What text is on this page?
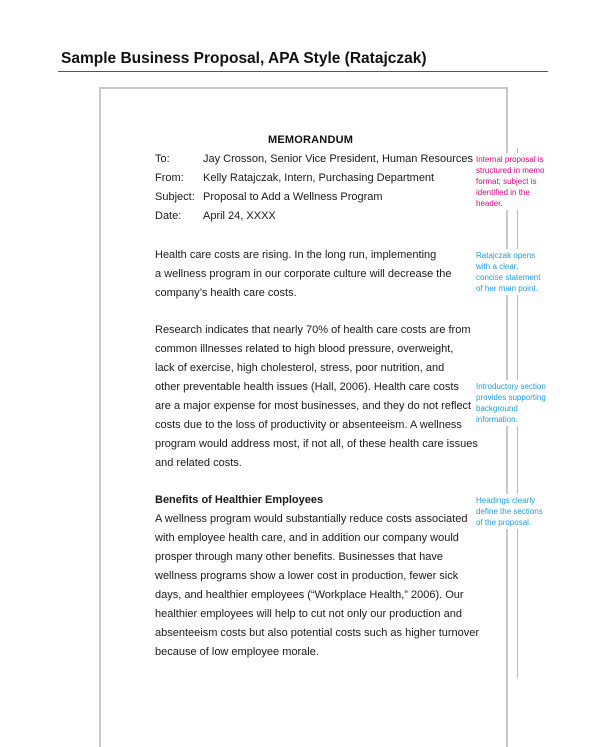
Sample Business Proposal, APA Style (Ratajczak)
MEMORANDUM
To:	Jay Crosson, Senior Vice President, Human Resources
From: Kelly Ratajczak, Intern, Purchasing Department
Subject: Proposal to Add a Wellness Program
Date: April 24, XXXX
Health care costs are rising. In the long run, implementing
a wellness program in our corporate culture will decrease the
company’s health care costs.
Research indicates that nearly 70% of health care costs are from
common illnesses related to high blood pressure, overweight,
lack of exercise, high cholesterol, stress, poor nutrition, and
other preventable health issues (Hall, 2006). Health care costs
are a major expense for most businesses, and they do not reflect
costs due to the loss of productivity or absenteeism. A wellness
program would address most, if not all, of these health care issues
and related costs.
Benefits of Healthier Employees
A wellness program would substantially reduce costs associated
with employee health care, and in addition our company would
prosper through many other benefits. Businesses that have
wellness programs show a lower cost in production, fewer sick
days, and healthier employees (“Workplace Health,” 2006). Our
healthier employees will help to cut not only our production and
absenteeism costs but also potential costs such as higher turnover
because of low employee morale.
Internal proposal is
structured in memo
format; subject is
identified in the
header.
Ratajczak opens
with a clear,
concise statement
of her main point.
Introductory section
provides supporting
background
information.
Headings clearly
define the sections
of the proposal.
